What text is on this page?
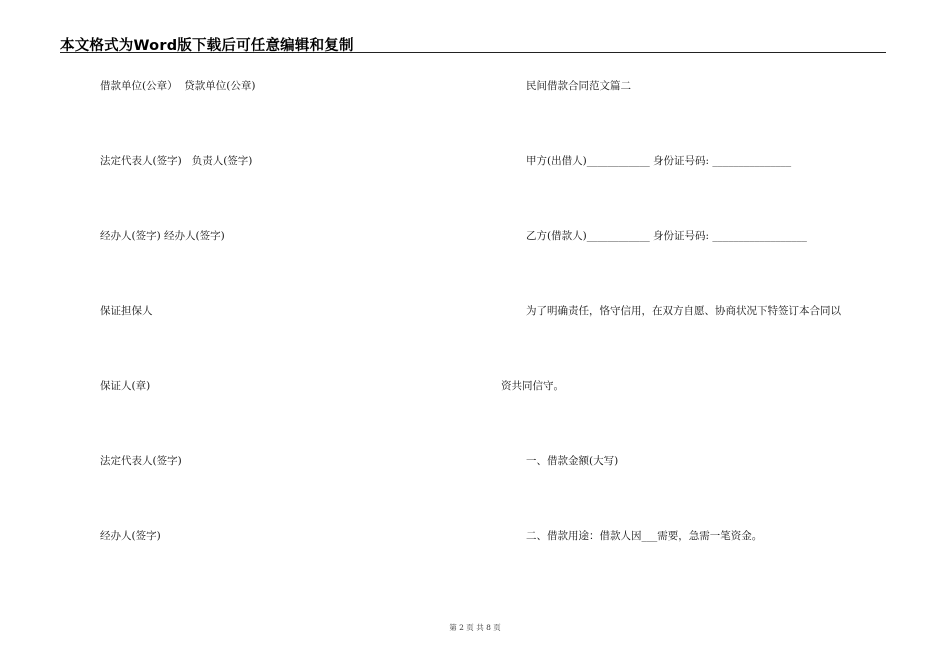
本文格式为Word版下载后可任意编辑和复制
借款单位(公章）  贷款单位(公章)
法定代表人(签字)   负责人(签字)
经办人(签字) 经办人(签字)
保证担保人
保证人(章)
法定代表人(签字)
经办人(签字)
民间借款合同范文篇二
甲方(出借人)____________ 身份证号码: _______________
乙方(借款人)____________ 身份证号码: __________________
为了明确责任，恪守信用，在双方自愿、协商状况下特签订本合同以
资共同信守。
一、借款金额(大写)
二、借款用途：借款人因___需要，急需一笔资金。
第 2 页 共 8 页
